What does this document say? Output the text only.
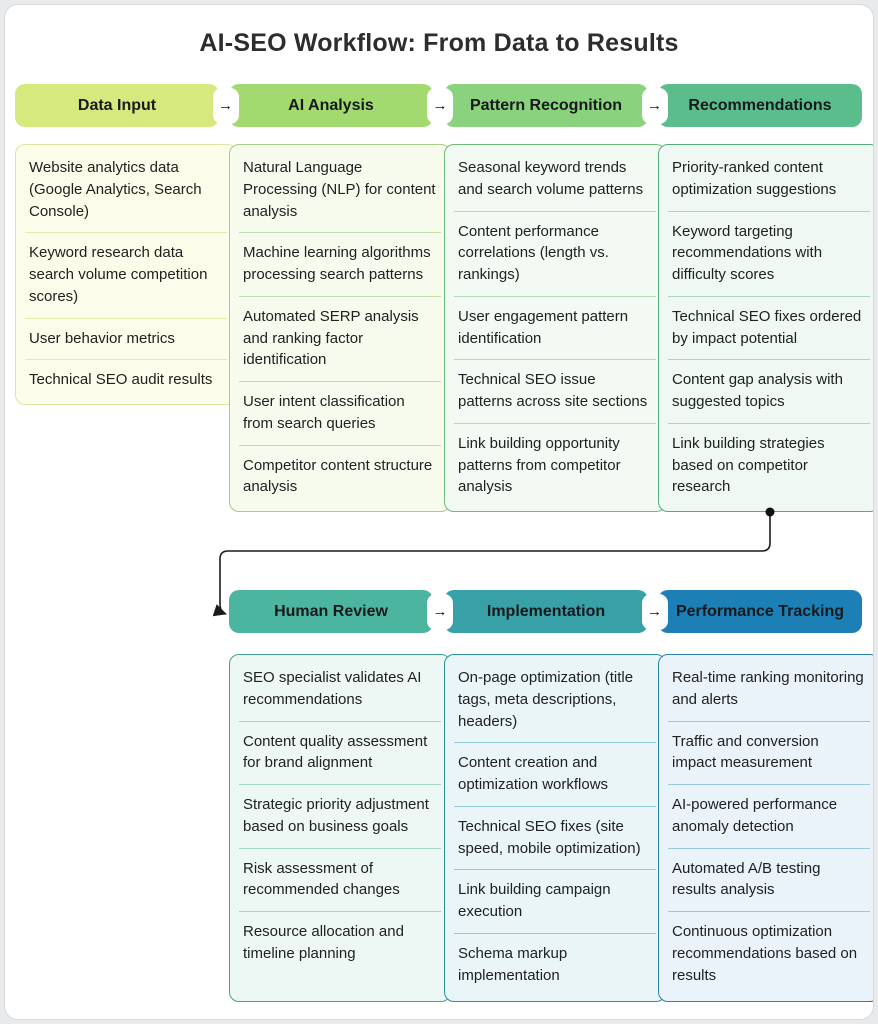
AI-SEO Workflow: From Data to Results
Data Input	→	AI Analysis	→ Pattern Recognition → Recommendations
Website analytics data (Google Analytics, Search Console)
Keyword research data search volume competition scores)
User behavior metrics
Technical SEO audit results
Natural Language Processing (NLP) for content analysis
Machine learning algorithms processing search patterns
Automated SERP analysis and ranking factor identification
User intent classification from search queries
Competitor content structure analysis
Seasonal keyword trends and search volume patterns
Content performance correlations (length vs. rankings)
User engagement pattern identification
Technical SEO issue patterns across site sections
Link building opportunity patterns from competitor analysis
Priority-ranked content optimization suggestions
Keyword targeting recommendations with difficulty scores
Technical SEO fixes ordered by impact potential
Content gap analysis with suggested topics
Link building strategies based on competitor research
Human Review	→ Implementation	→ Performance Tracking
SEO specialist validates AI recommendations
Content quality assessment for brand alignment
Strategic priority adjustment based on business goals
Risk assessment of recommended changes
Resource allocation and timeline planning
On-page optimization (title tags, meta descriptions, headers)
Content creation and optimization workflows
Technical SEO fixes (site speed, mobile optimization)
Link building campaign execution
Schema markup implementation
Real-time ranking monitoring and alerts
Traffic and conversion impact measurement
AI-powered performance anomaly detection
Automated A/B testing results analysis
Continuous optimization recommendations based on results
